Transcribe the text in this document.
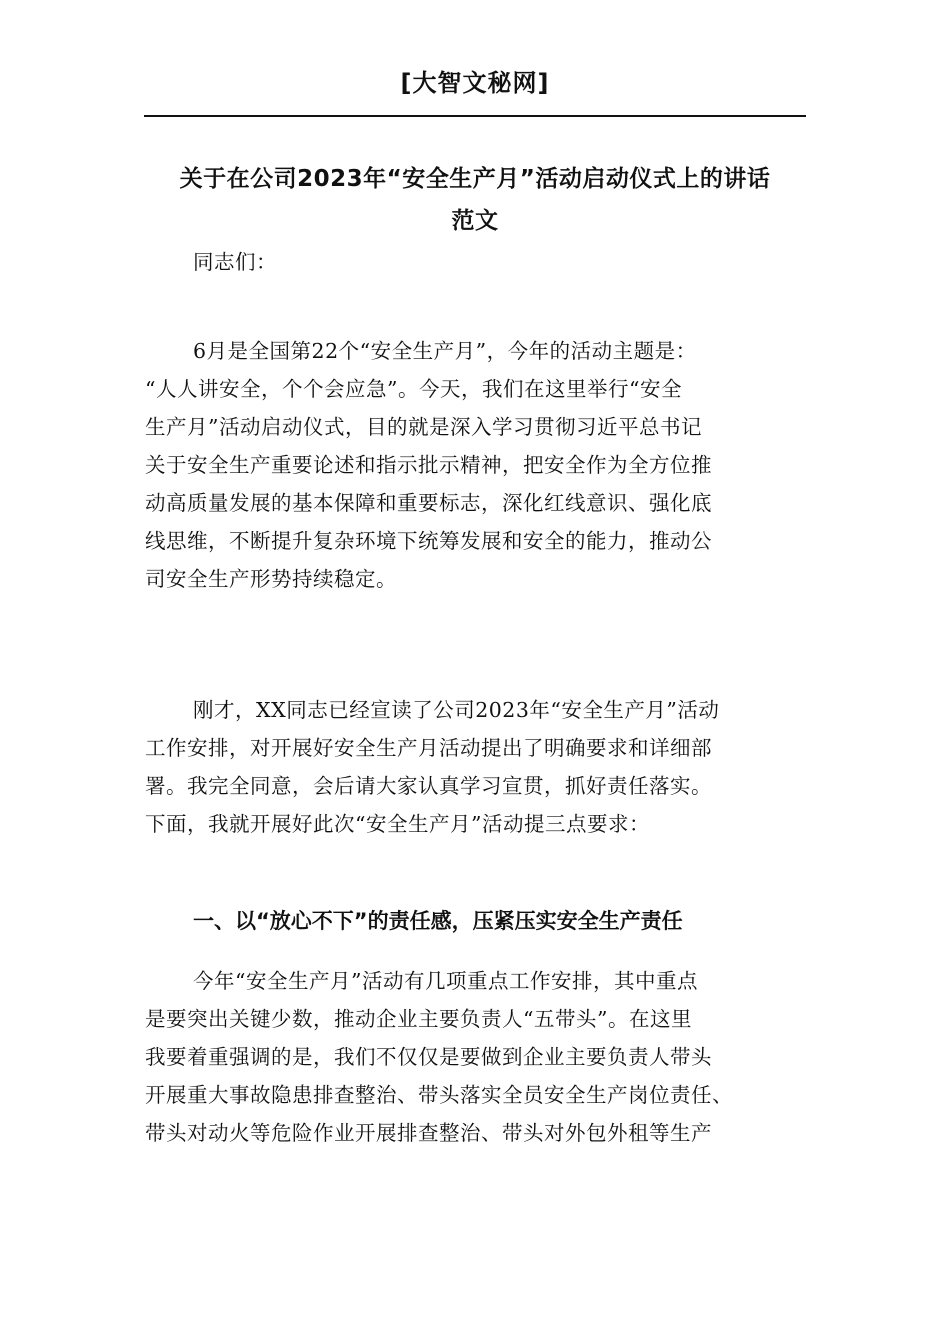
[大智文秘网]
关于在公司2023年“安全生产月”活动启动仪式上的讲话
范文

同志们：

6月是全国第22个“安全生产月”，今年的活动主题是：
“人人讲安全，个个会应急”。今天，我们在这里举行“安全
生产月”活动启动仪式，目的就是深入学习贯彻习近平总书记
关于安全生产重要论述和指示批示精神，把安全作为全方位推
动高质量发展的基本保障和重要标志，深化红线意识、强化底
线思维，不断提升复杂环境下统筹发展和安全的能力，推动公
司安全生产形势持续稳定。

刚才，XX同志已经宣读了公司2023年“安全生产月”活动
工作安排，对开展好安全生产月活动提出了明确要求和详细部
署。我完全同意，会后请大家认真学习宣贯，抓好责任落实。
下面，我就开展好此次“安全生产月”活动提三点要求：

一、以“放心不下”的责任感，压紧压实安全生产责任

今年“安全生产月”活动有几项重点工作安排，其中重点
是要突出关键少数，推动企业主要负责人“五带头”。在这里
我要着重强调的是，我们不仅仅是要做到企业主要负责人带头
开展重大事故隐患排查整治、带头落实全员安全生产岗位责任、
带头对动火等危险作业开展排查整治、带头对外包外租等生产
